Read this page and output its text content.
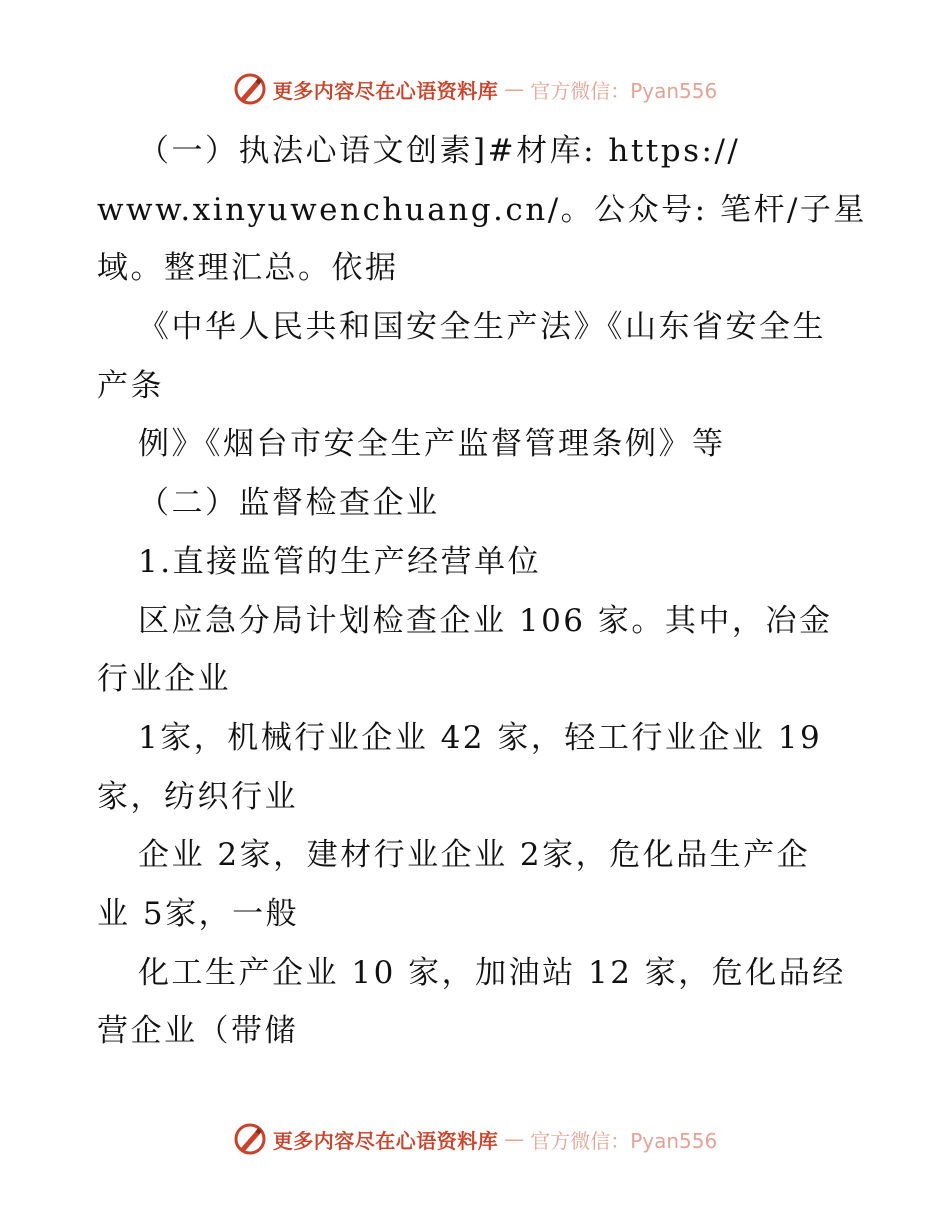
更多内容尽在心语资料库 — 官方微信：Pyan556
（一）执法心语文创素]#材库: https://
www.xinyuwenchuang.cn/。公众号: 笔杆/子星
域。整理汇总。依据
《中华人民共和国安全生产法》《山东省安全生
产条
例》《烟台市安全生产监督管理条例》等
（二）监督检查企业
1.直接监管的生产经营单位
区应急分局计划检查企业 106 家。其中，冶金
行业企业
1家，机械行业企业 42 家，轻工行业企业 19
家，纺织行业
企业 2家，建材行业企业 2家，危化品生产企
业 5家，一般
化工生产企业 10 家，加油站 12 家，危化品经
营企业（带储
更多内容尽在心语资料库 — 官方微信：Pyan556
